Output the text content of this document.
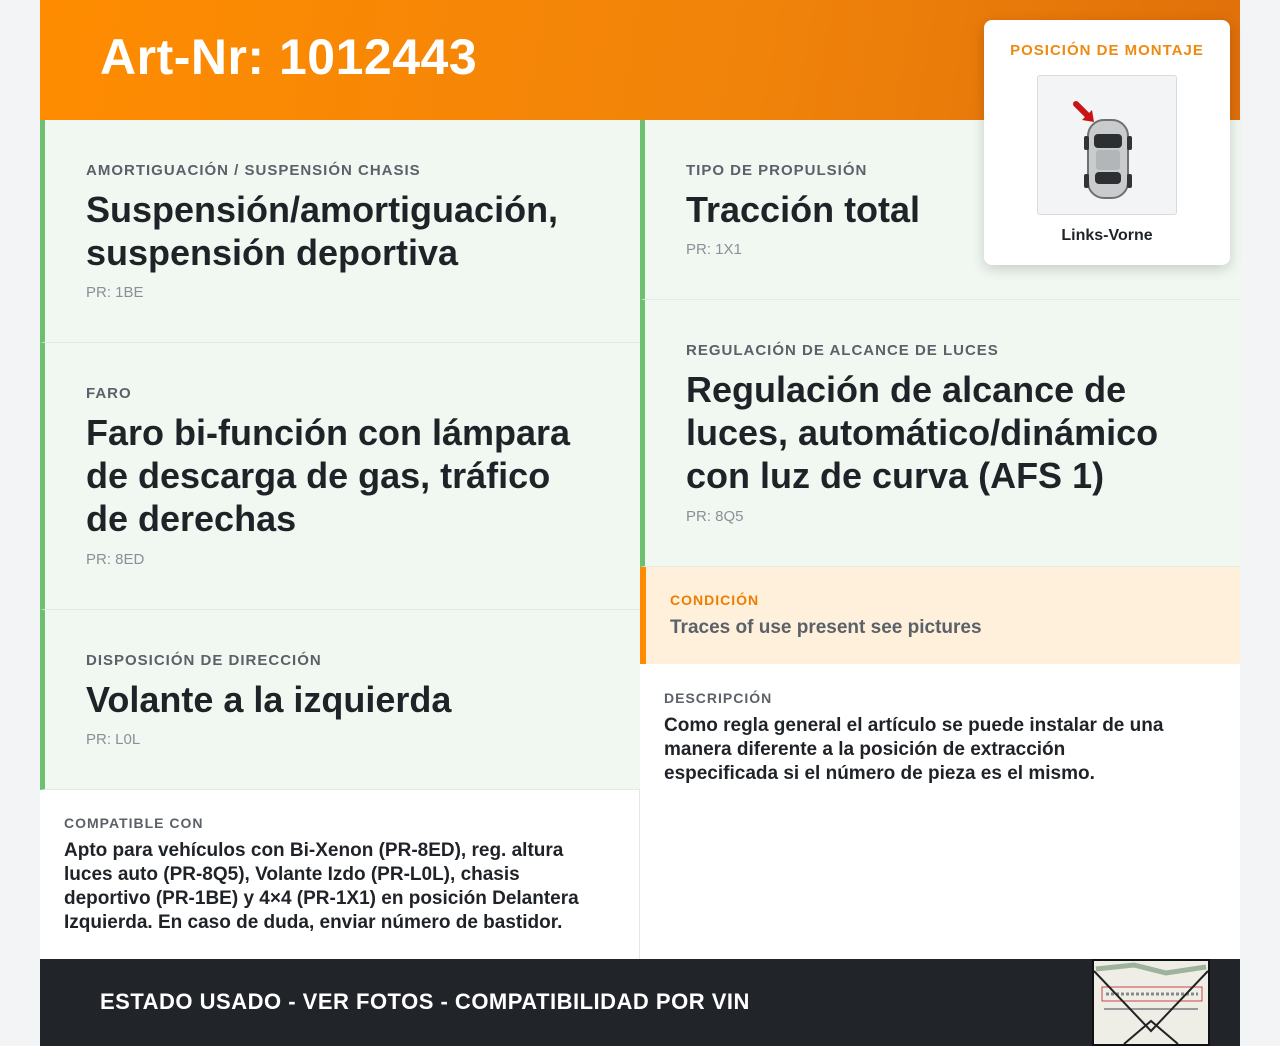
Art-Nr: 1012443
AMORTIGUACIÓN / SUSPENSIÓN CHASIS
Suspensión/amortiguación,
suspensión deportiva
PR: 1BE
FARO
Faro bi-función con lámpara
de descarga de gas, tráfico
de derechas
PR: 8ED
DISPOSICIÓN DE DIRECCIÓN
Volante a la izquierda
PR: L0L
TIPO DE PROPULSIÓN
Tracción total
PR: 1X1
REGULACIÓN DE ALCANCE DE LUCES
Regulación de alcance de
luces, automático/dinámico
con luz de curva (AFS 1)
PR: 8Q5
CONDICIÓN
Traces of use present see pictures
DESCRIPCIÓN
Como regla general el artículo se puede instalar de una
manera diferente a la posición de extracción
especificada si el número de pieza es el mismo.
COMPATIBLE CON
Apto para vehículos con Bi-Xenon (PR-8ED), reg. altura
luces auto (PR-8Q5), Volante Izdo (PR-L0L), chasis
deportivo (PR-1BE) y 4×4 (PR-1X1) en posición Delantera
Izquierda. En caso de duda, enviar número de bastidor.
ESTADO USADO - VER FOTOS - COMPATIBILIDAD POR VIN
POSICIÓN DE MONTAJE
Links-Vorne
